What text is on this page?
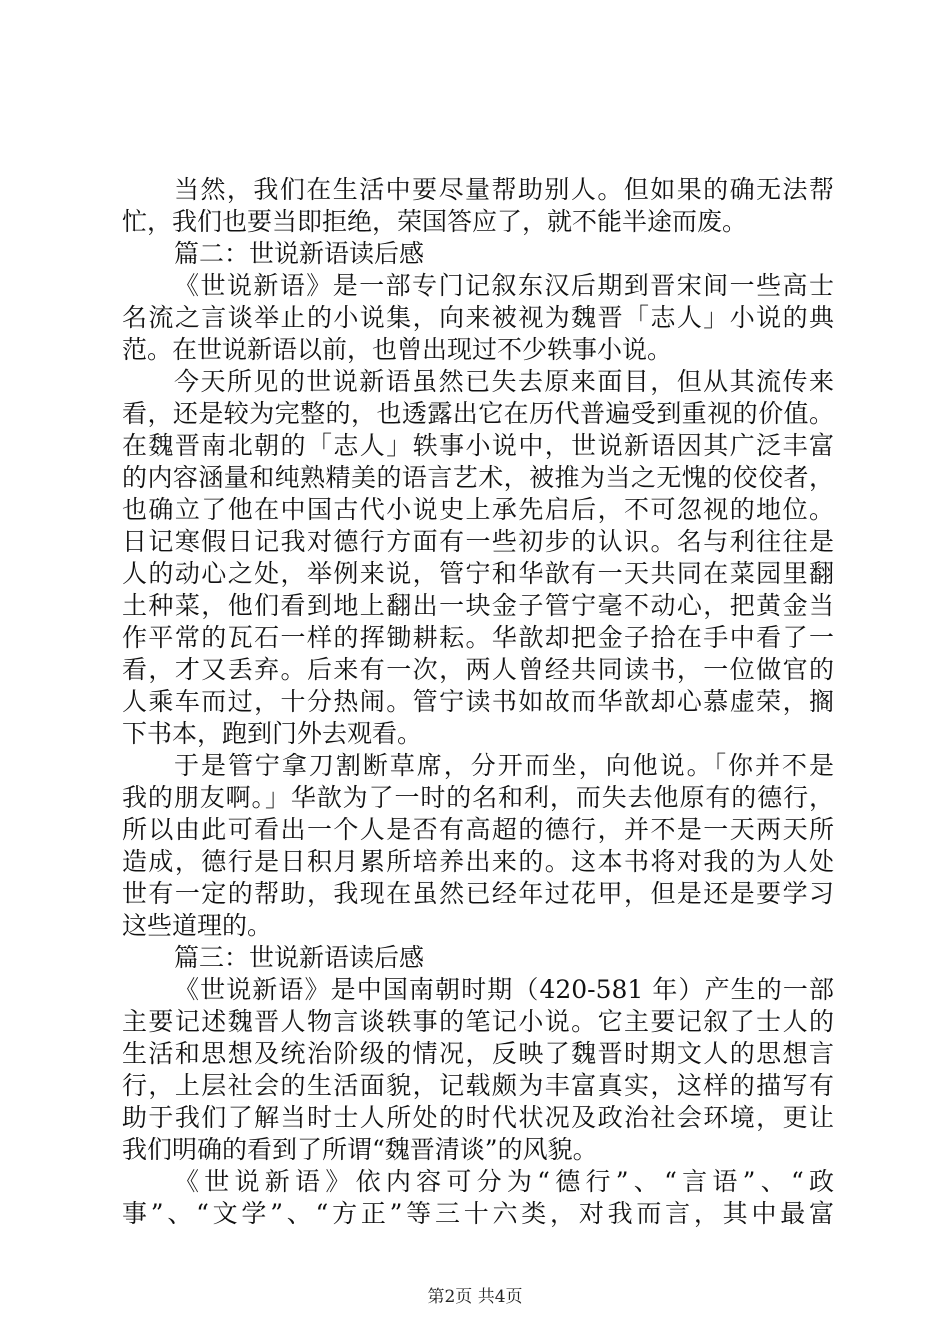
当然，我们在生活中要尽量帮助别人。但如果的确无法帮
忙，我们也要当即拒绝，荣国答应了，就不能半途而废。
篇二：世说新语读后感
《世说新语》是一部专门记叙东汉后期到晋宋间一些高士
名流之言谈举止的小说集，向来被视为魏晋「志人」小说的典
范。在世说新语以前，也曾出现过不少轶事小说。
今天所见的世说新语虽然已失去原来面目，但从其流传来
看，还是较为完整的，也透露出它在历代普遍受到重视的价值。
在魏晋南北朝的「志人」轶事小说中，世说新语因其广泛丰富
的内容涵量和纯熟精美的语言艺术，被推为当之无愧的佼佼者，
也确立了他在中国古代小说史上承先启后，不可忽视的地位。
日记寒假日记我对德行方面有一些初步的认识。名与利往往是
人的动心之处，举例来说，管宁和华歆有一天共同在菜园里翻
土种菜，他们看到地上翻出一块金子管宁毫不动心，把黄金当
作平常的瓦石一样的挥锄耕耘。华歆却把金子拾在手中看了一
看，才又丢弃。后来有一次，两人曾经共同读书，一位做官的
人乘车而过，十分热闹。管宁读书如故而华歆却心慕虚荣，搁
下书本，跑到门外去观看。
于是管宁拿刀割断草席，分开而坐，向他说。「你并不是
我的朋友啊。」华歆为了一时的名和利，而失去他原有的德行，
所以由此可看出一个人是否有高超的德行，并不是一天两天所
造成，德行是日积月累所培养出来的。这本书将对我的为人处
世有一定的帮助，我现在虽然已经年过花甲，但是还是要学习
这些道理的。
篇三：世说新语读后感
《世说新语》是中国南朝时期（420-581 年）产生的一部
主要记述魏晋人物言谈轶事的笔记小说。它主要记叙了士人的
生活和思想及统治阶级的情况，反映了魏晋时期文人的思想言
行，上层社会的生活面貌，记载颇为丰富真实，这样的描写有
助于我们了解当时士人所处的时代状况及政治社会环境，更让
我们明确的看到了所谓“魏晋清谈”的风貌。
《世说新语》依内容可分为“德行”、“言语”、“政
事”、“文学”、“方正”等三十六类，对我而言，其中最富
第2页 共4页
